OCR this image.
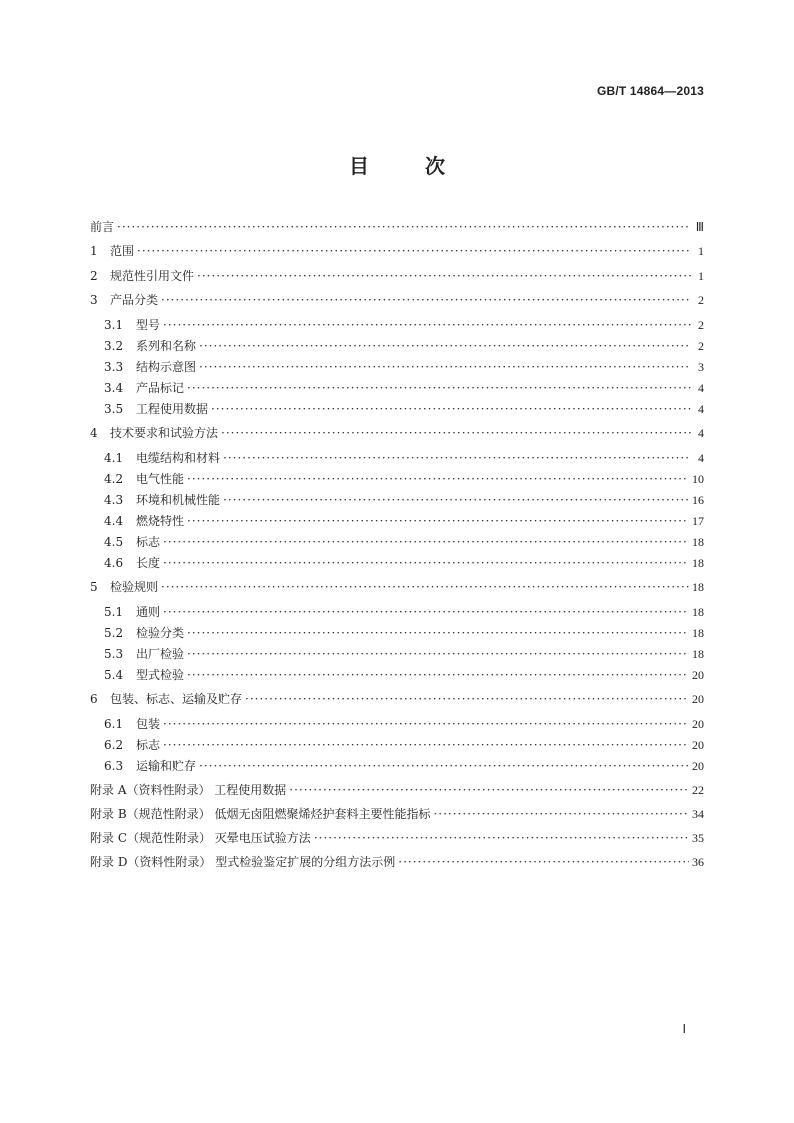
GB/T 14864—2013
目	次
前言 ·····	Ⅲ
1 范围 ·····	1
2 规范性引用文件 ·····	1
3 产品分类 ·····	2
3.1 型号 ·····	2
3.2 系列和名称 ·····	2
3.3 结构示意图 ·····	3
3.4 产品标记 ·····	4
3.5 工程使用数据 ·····	4
4 技术要求和试验方法 ·····	4
4.1 电缆结构和材料 ·····	4
4.2 电气性能 ·····	10
4.3 环境和机械性能 ·····	16
4.4 燃烧特性 ·····	17
4.5 标志 ·····	18
4.6 长度 ·····	18
5 检验规则 ·····	18
5.1 通则 ·····	18
5.2 检验分类 ·····	18
5.3 出厂检验 ·····	18
5.4 型式检验 ·····	20
6 包装、标志、运输及贮存 ·····	20
6.1 包装 ·····	20
6.2 标志 ·····	20
6.3 运输和贮存 ·····	20
附录 A（资料性附录） 工程使用数据 ·····	22
附录 B（规范性附录） 低烟无卤阻燃聚烯烃护套料主要性能指标 ·····	34
附录 C（规范性附录） 灭晕电压试验方法 ·····	35
附录 D（资料性附录） 型式检验鉴定扩展的分组方法示例 ·····	36
Ⅰ
